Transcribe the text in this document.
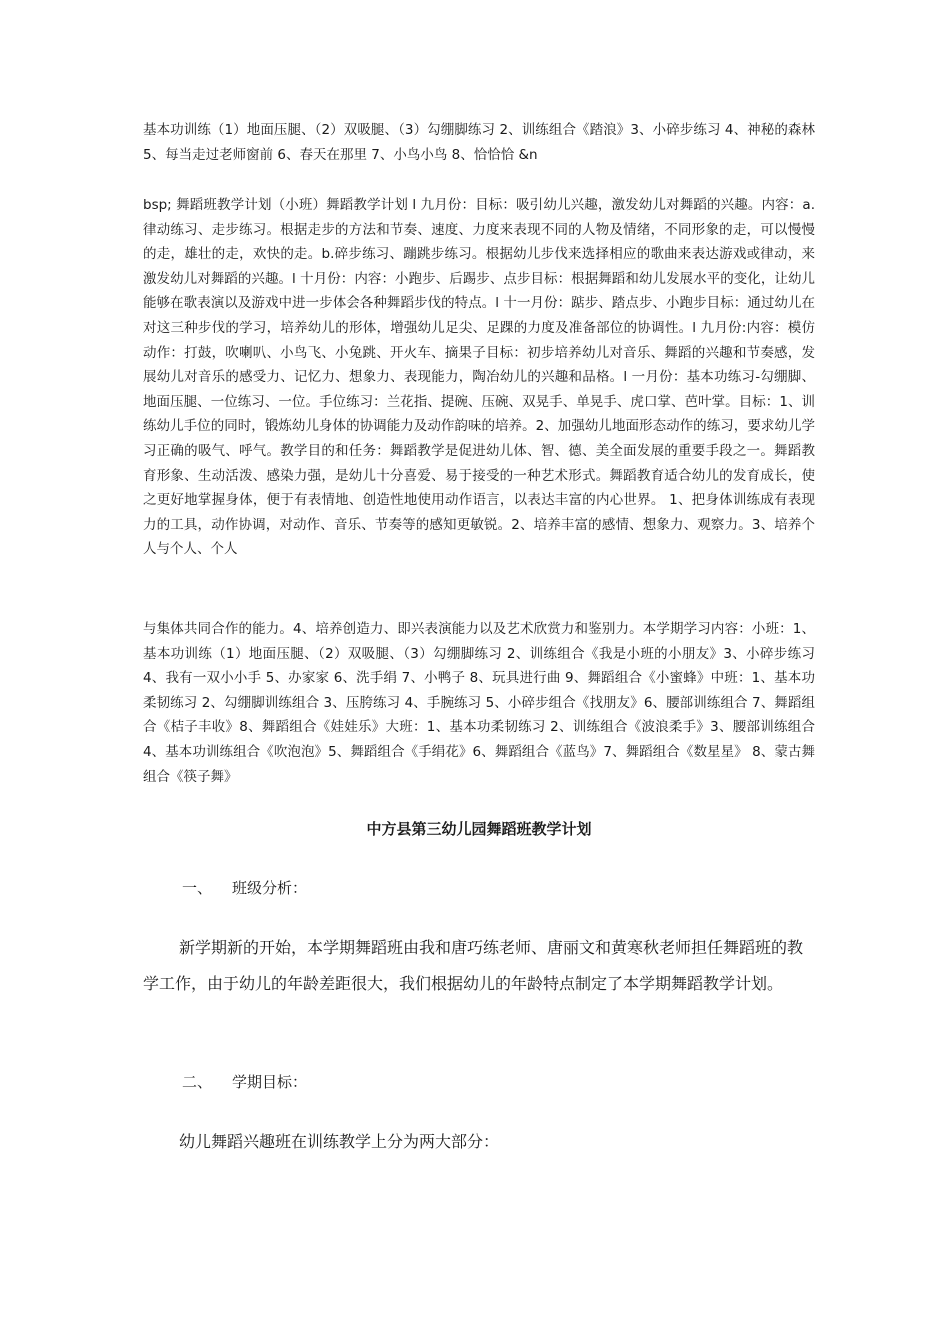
基本功训练（1）地面压腿、（2）双吸腿、（3）勾绷脚练习 2、训练组合《踏浪》3、小碎步练习 4、神秘的森林 5、每当走过老师窗前 6、春天在那里 7、小鸟小鸟 8、恰恰恰 &n

bsp; 舞蹈班教学计划（小班）舞蹈教学计划 l 九月份：目标：吸引幼儿兴趣，激发幼儿对舞蹈的兴趣。内容：a.律动练习、走步练习。根据走步的方法和节奏、速度、力度来表现不同的人物及情绪，不同形象的走，可以慢慢的走，雄壮的走，欢快的走。b.碎步练习、蹦跳步练习。根据幼儿步伐来选择相应的歌曲来表达游戏或律动，来激发幼儿对舞蹈的兴趣。l 十月份：内容：小跑步、后踢步、点步目标：根据舞蹈和幼儿发展水平的变化，让幼儿能够在歌表演以及游戏中进一步体会各种舞蹈步伐的特点。l 十一月份：踮步、踏点步、小跑步目标：通过幼儿在对这三种步伐的学习，培养幼儿的形体，增强幼儿足尖、足踝的力度及准备部位的协调性。l 九月份:内容：模仿动作：打鼓，吹喇叭、小鸟飞、小兔跳、开火车、摘果子目标：初步培养幼儿对音乐、舞蹈的兴趣和节奏感，发展幼儿对音乐的感受力、记忆力、想象力、表现能力，陶冶幼儿的兴趣和品格。l 一月份：基本功练习-勾绷脚、地面压腿、一位练习、一位。手位练习：兰花指、提碗、压碗、双晃手、单晃手、虎口掌、芭叶掌。目标：1、训练幼儿手位的同时，锻炼幼儿身体的协调能力及动作韵味的培养。2、加强幼儿地面形态动作的练习，要求幼儿学习正确的吸气、呼气。教学目的和任务：舞蹈教学是促进幼儿体、智、德、美全面发展的重要手段之一。舞蹈教育形象、生动活泼、感染力强，是幼儿十分喜爱、易于接受的一种艺术形式。舞蹈教育适合幼儿的发育成长，使之更好地掌握身体，便于有表情地、创造性地使用动作语言，以表达丰富的内心世界。 1、把身体训练成有表现力的工具，动作协调，对动作、音乐、节奏等的感知更敏锐。2、培养丰富的感情、想象力、观察力。3、培养个人与个人、个人

与集体共同合作的能力。4、培养创造力、即兴表演能力以及艺术欣赏力和鉴别力。本学期学习内容：小班：1、基本功训练（1）地面压腿、（2）双吸腿、（3）勾绷脚练习 2、训练组合《我是小班的小朋友》3、小碎步练习 4、我有一双小小手 5、办家家 6、洗手绢 7、小鸭子 8、玩具进行曲 9、舞蹈组合《小蜜蜂》中班：1、基本功柔韧练习 2、勾绷脚训练组合 3、压胯练习 4、手腕练习 5、小碎步组合《找朋友》6、腰部训练组合 7、舞蹈组合《桔子丰收》8、舞蹈组合《娃娃乐》大班：1、基本功柔韧练习 2、训练组合《波浪柔手》3、腰部训练组合 4、基本功训练组合《吹泡泡》5、舞蹈组合《手绢花》6、舞蹈组合《蓝鸟》7、舞蹈组合《数星星》 8、蒙古舞组合《筷子舞》

中方县第三幼儿园舞蹈班教学计划
一、 班级分析：

新学期新的开始，本学期舞蹈班由我和唐巧练老师、唐丽文和黄寒秋老师担任舞蹈班的教学工作，由于幼儿的年龄差距很大，我们根据幼儿的年龄特点制定了本学期舞蹈教学计划。

二、 学期目标：

幼儿舞蹈兴趣班在训练教学上分为两大部分：
